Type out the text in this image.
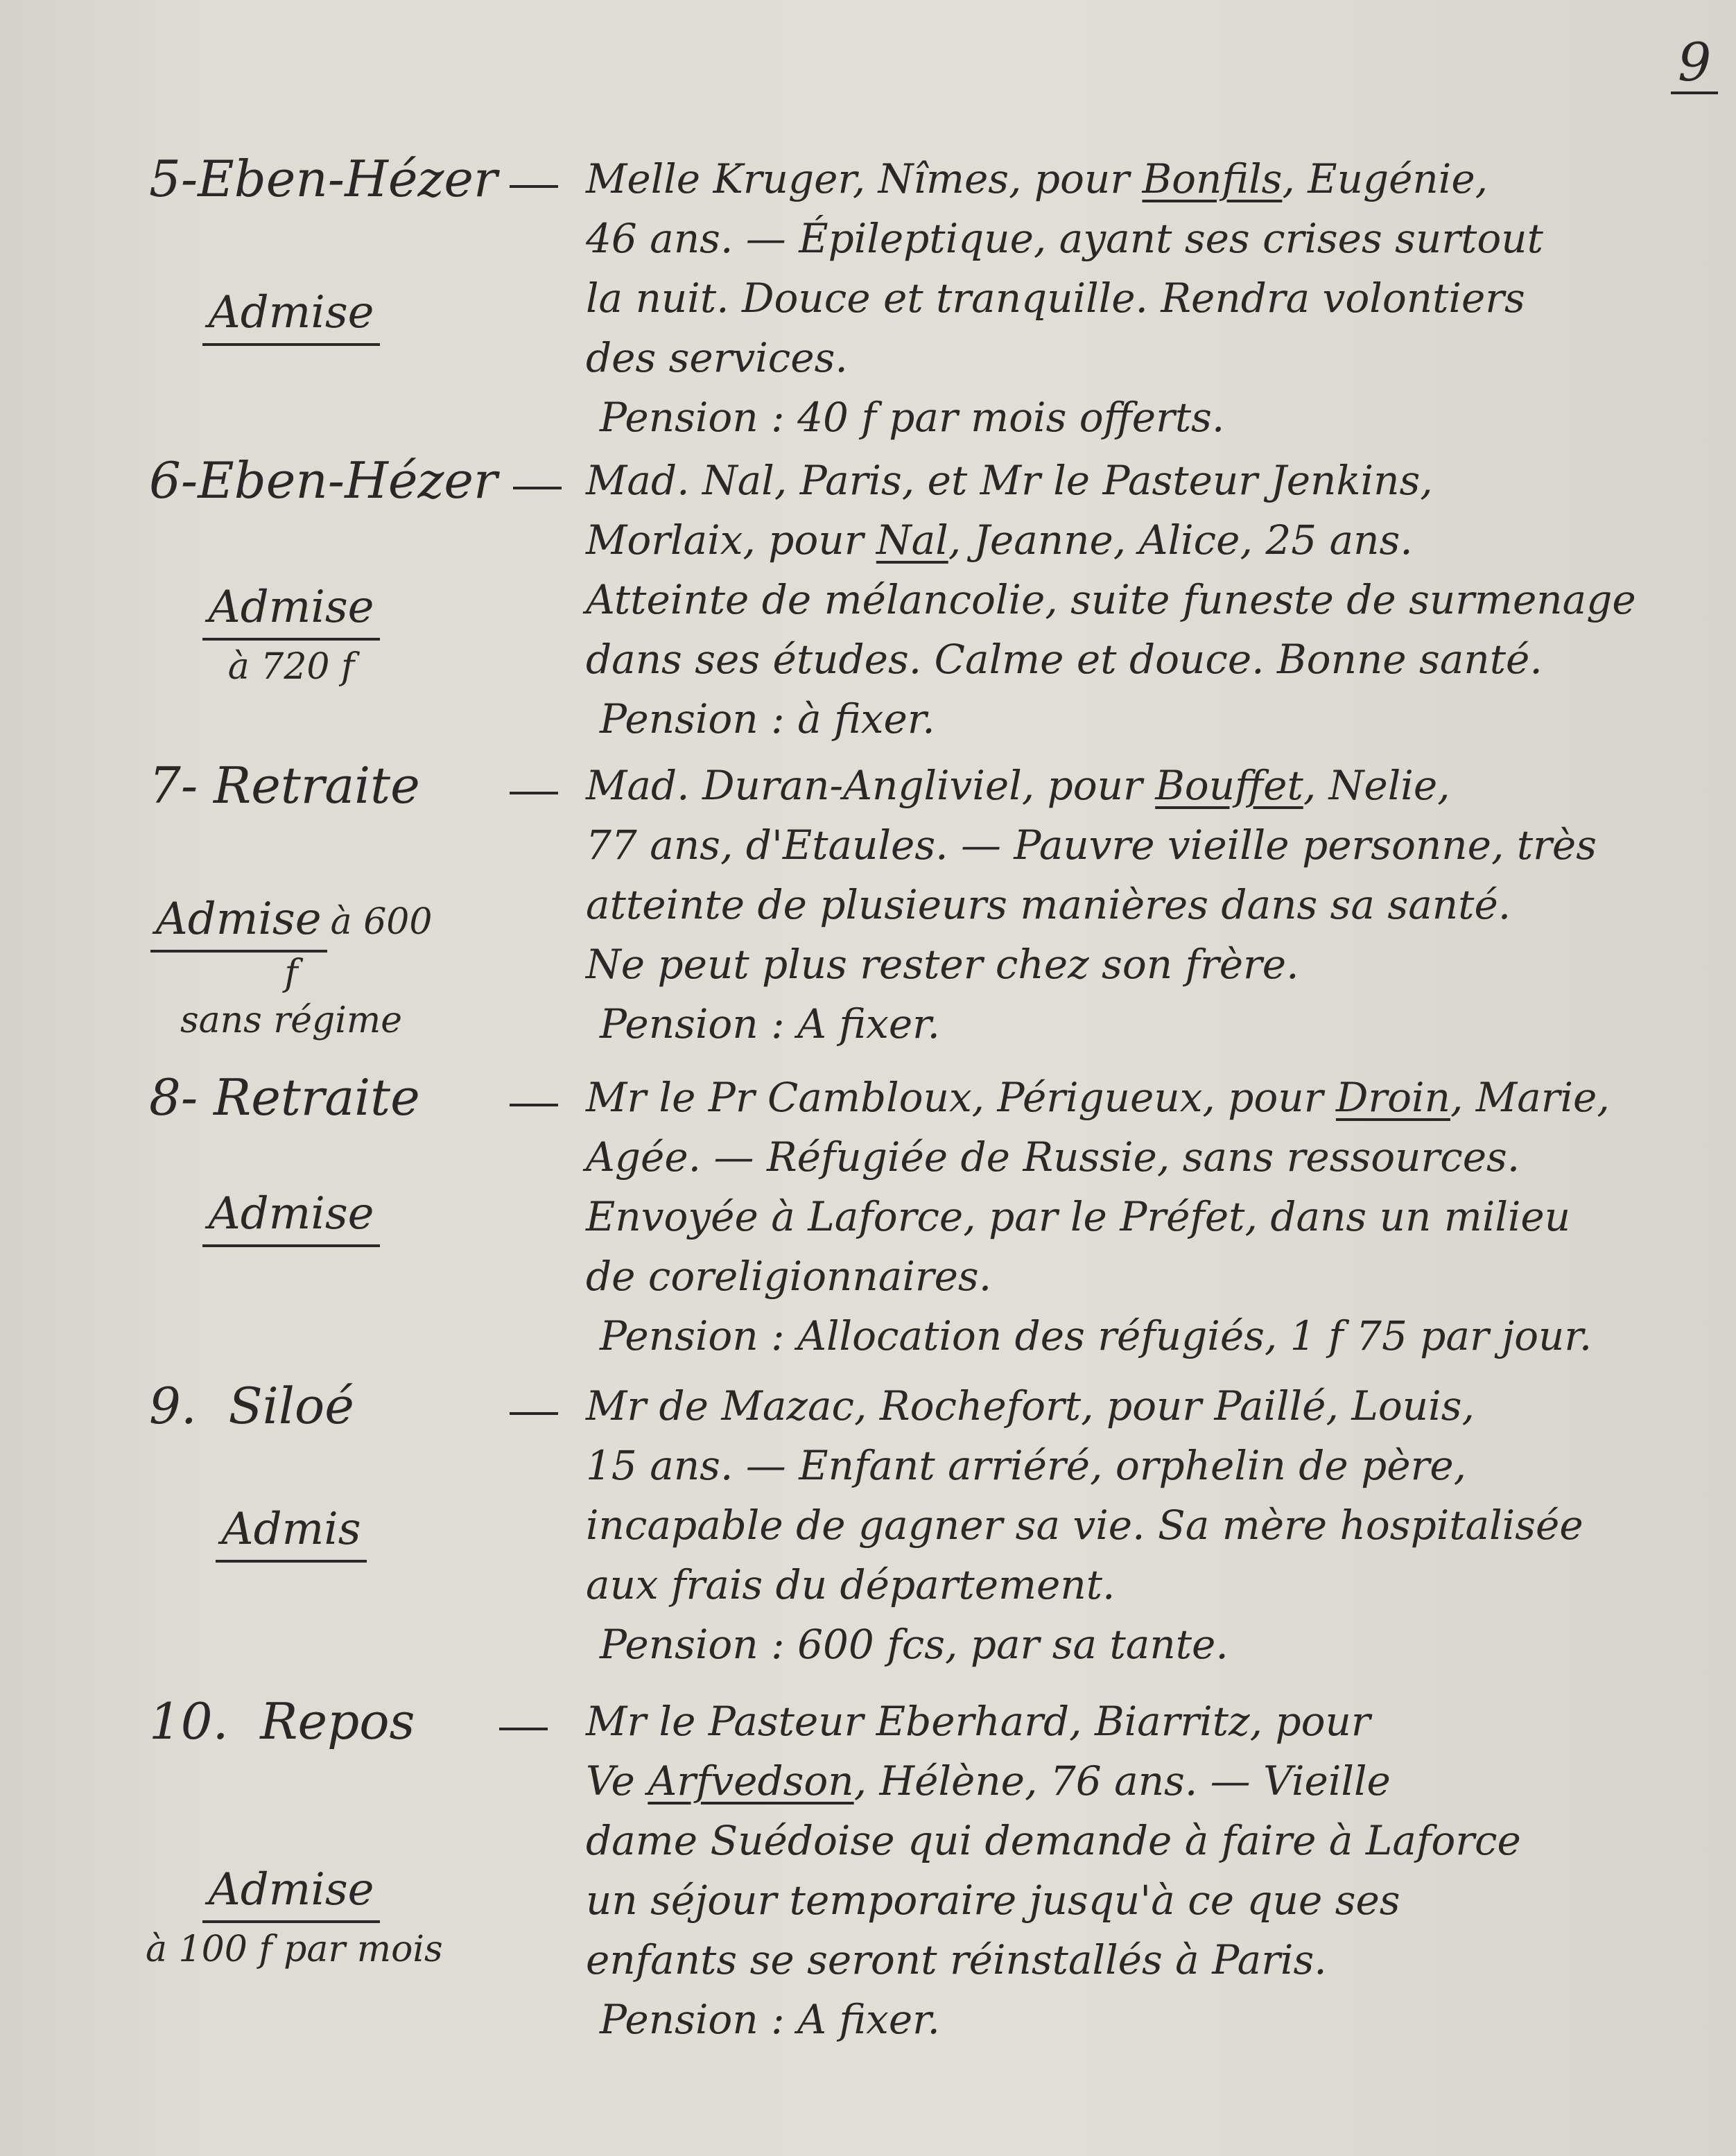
9
5-Eben-Hézer
Admise
Melle Kruger, Nîmes, pour Bonfils, Eugénie,
46 ans. — Épileptique, ayant ses crises surtout
la nuit. Douce et tranquille. Rendra volontiers
des services.
Pension : 40 f par mois offerts.
6-Eben-Hézer
Admise
à 720 f
Mad. Nal, Paris, et Mr le Pasteur Jenkins,
Morlaix, pour Nal, Jeanne, Alice, 25 ans.
Atteinte de mélancolie, suite funeste de surmenage
dans ses études. Calme et douce. Bonne santé.
Pension : à fixer.
7- Retraite
Admise à 600 f
sans régime
Mad. Duran-Angliviel, pour Bouffet, Nelie,
77 ans, d'Etaules. — Pauvre vieille personne, très
atteinte de plusieurs manières dans sa santé.
Ne peut plus rester chez son frère.
Pension : A fixer.
8- Retraite
Admise
Mr le Pr Cambloux, Périgueux, pour Droin, Marie,
Agée. — Réfugiée de Russie, sans ressources.
Envoyée à Laforce, par le Préfet, dans un milieu
de coreligionnaires.
Pension : Allocation des réfugiés, 1 f 75 par jour.
9.  Siloé
Admis
Mr de Mazac, Rochefort, pour Paillé, Louis,
15 ans. — Enfant arriéré, orphelin de père,
incapable de gagner sa vie. Sa mère hospitalisée
aux frais du département.
Pension : 600 fcs, par sa tante.
10.  Repos
Admise
à 100 f par mois
Mr le Pasteur Eberhard, Biarritz, pour
Ve Arfvedson, Hélène, 76 ans. — Vieille
dame Suédoise qui demande à faire à Laforce
un séjour temporaire jusqu'à ce que ses
enfants se seront réinstallés à Paris.
Pension : A fixer.
